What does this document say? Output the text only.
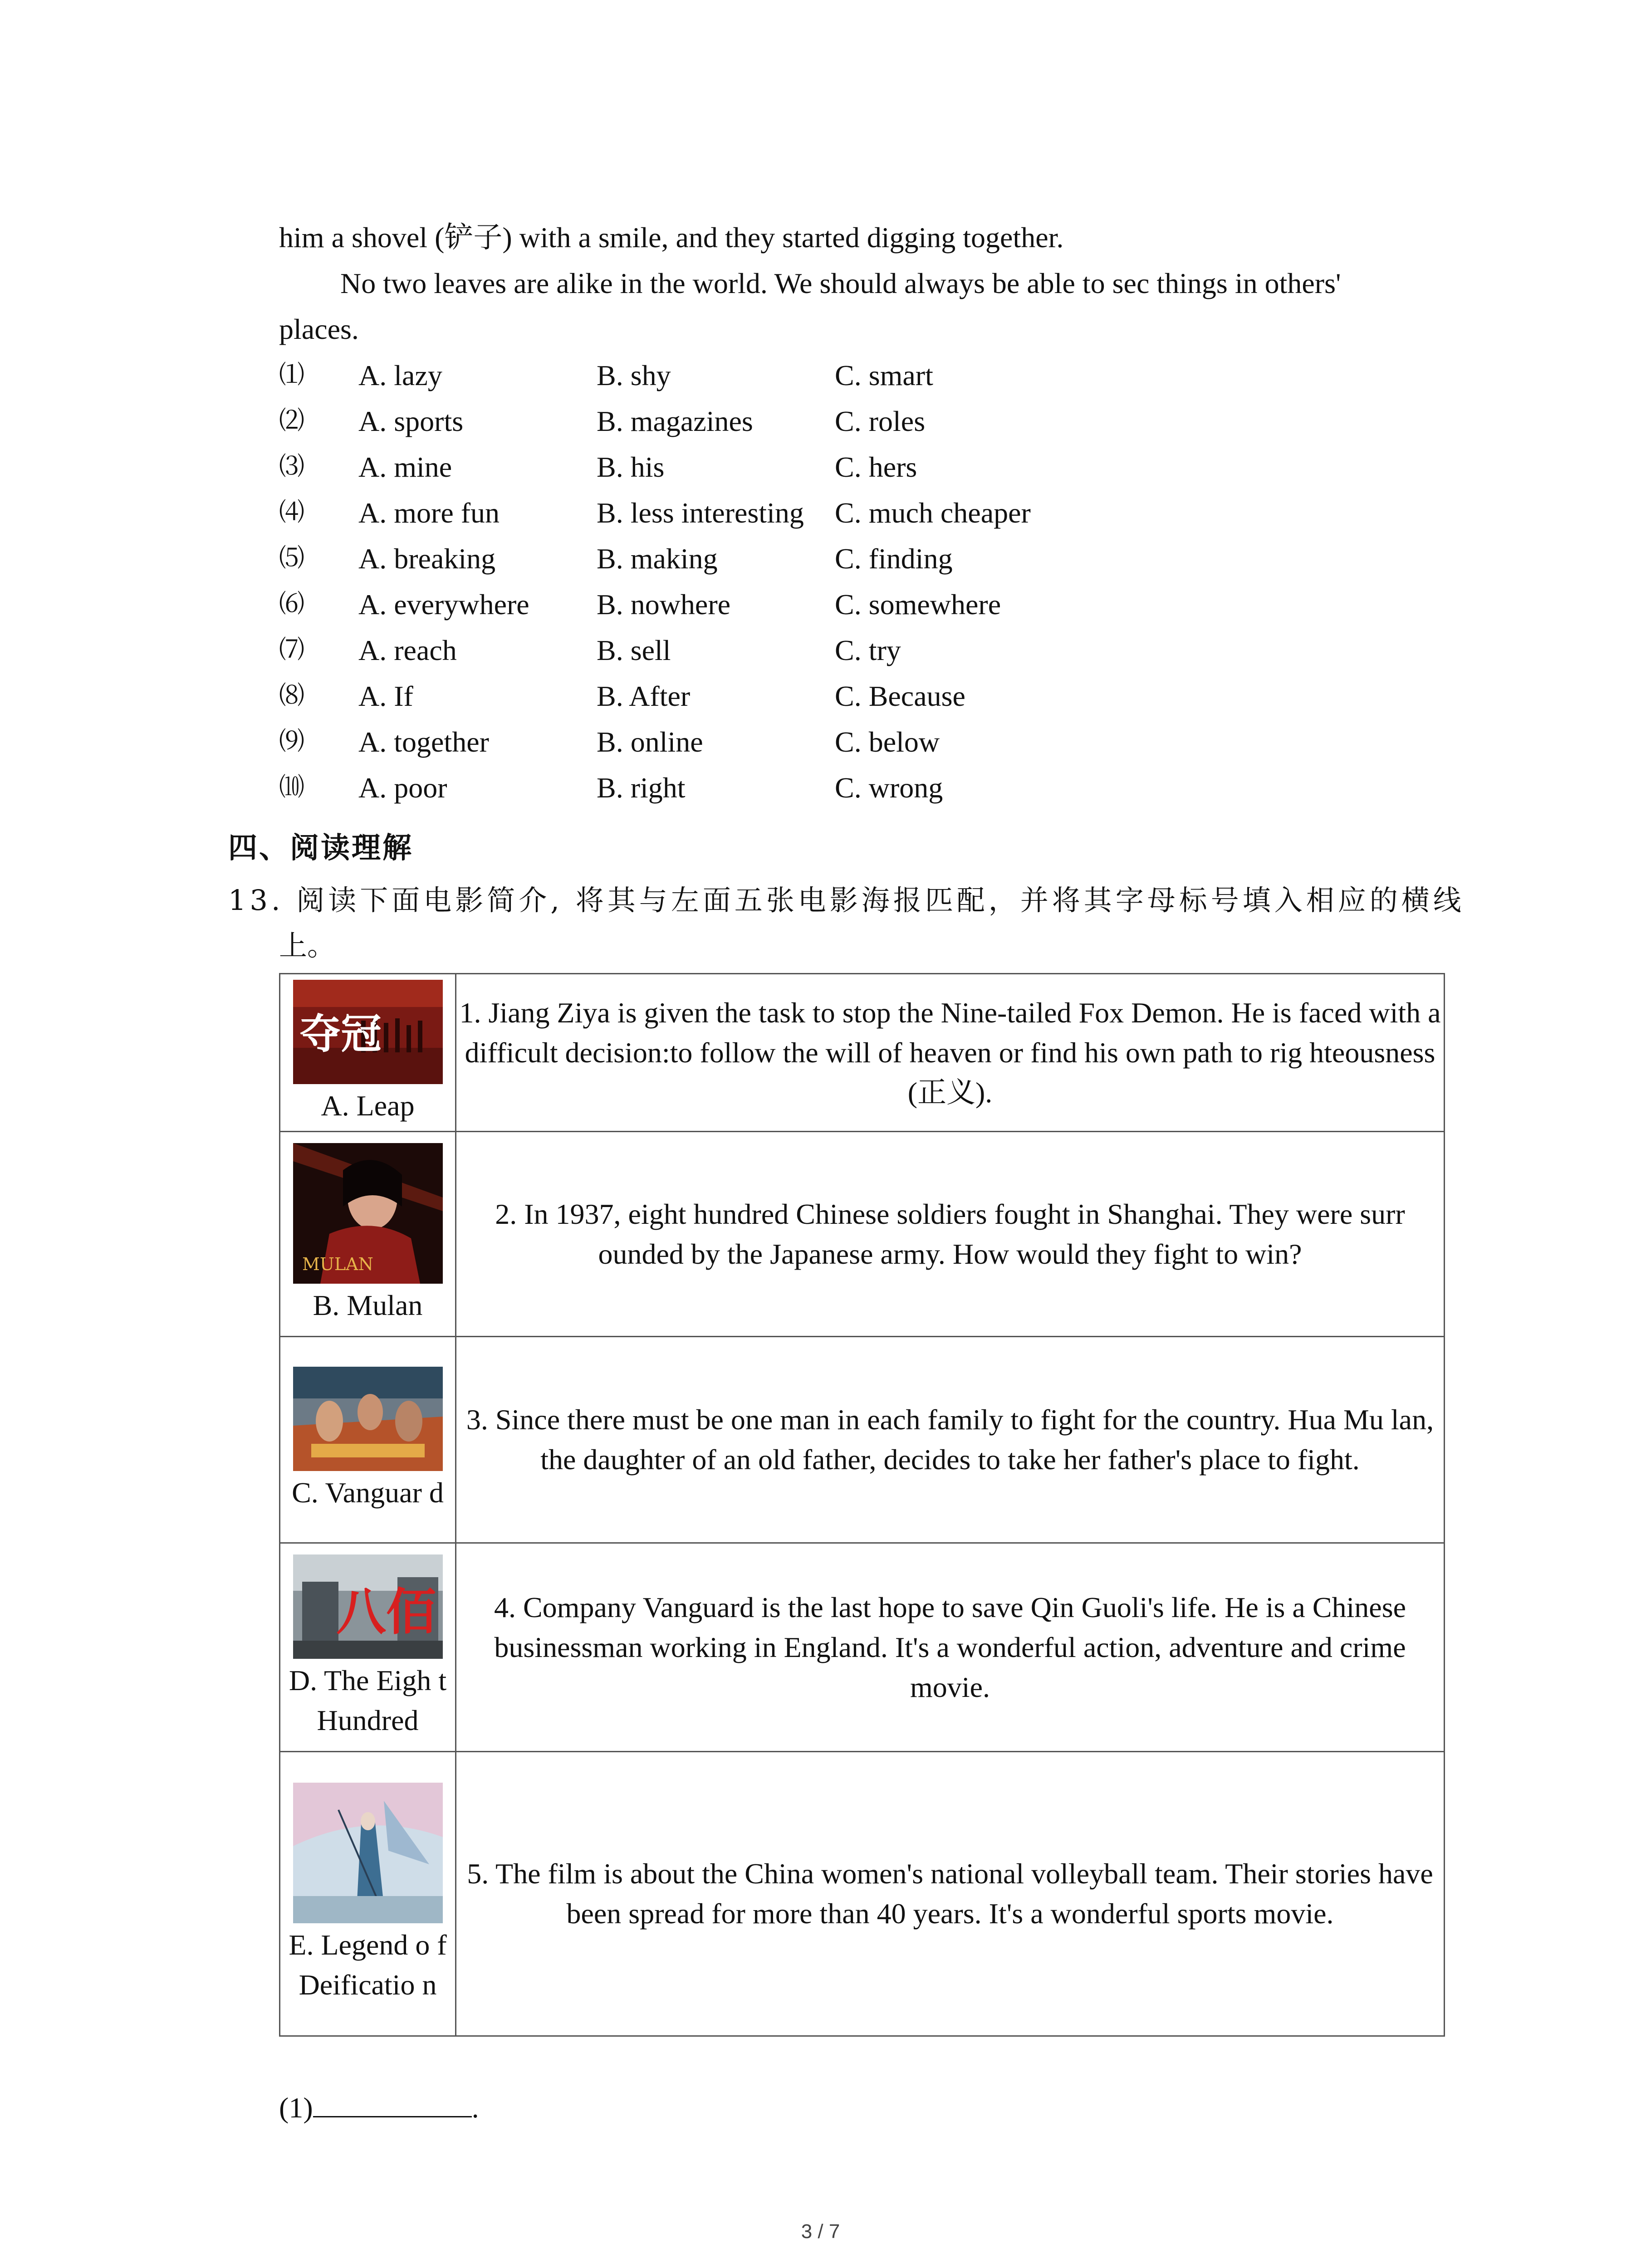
him a shovel (铲子) with a smile, and they started digging together.
No two leaves are alike in the world. We should always be able to sec things in others'
places.
⑴ A. lazy	B. shy	C. smart
⑵ A. sports	B. magazines	C. roles
⑶ A. mine	B. his	C. hers
⑷ A. more fun	B. less interesting C. much cheaper
⑸ A. breaking	B. making	C. finding
⑹ A. everywhere B. nowhere	C. somewhere
⑺ A. reach	B. sell	C. try
⑻ A. If	B. After	C. Because
⑼ A. together	B. online	C. below
⑽ A. poor	B. right	C. wrong
四、阅读理解
13. 阅读下面电影简介, 将其与左面五张电影海报匹配，并将其字母标号填入相应的横线
上。
夺冠
A. Leap	1. Jiang Ziya is given the task to stop the Nine-tailed Fox Demon. He is faced with a difficult decision:to follow the will of heaven or find his own path to rig hteousness (正义).

MULAN
B. Mulan	2. In 1937, eight hundred Chinese soldiers fought in Shanghai. They were surr ounded by the Japanese army. How would they fight to win?

C. Vanguar d	3. Since there must be one man in each family to fight for the country. Hua Mu lan, the daughter of an old father, decides to take her father's place to fight.

八佰
D. The Eigh t Hundred	4. Company Vanguard is the last hope to save Qin Guoli's life. He is a Chinese businessman working in England. It's a wonderful action, adventure and crime movie.

E. Legend o f Deificatio n	5. The film is about the China women's national volleyball team. Their stories have been spread for more than 40 years. It's a wonderful sports movie.
(1)	.
3 / 7
